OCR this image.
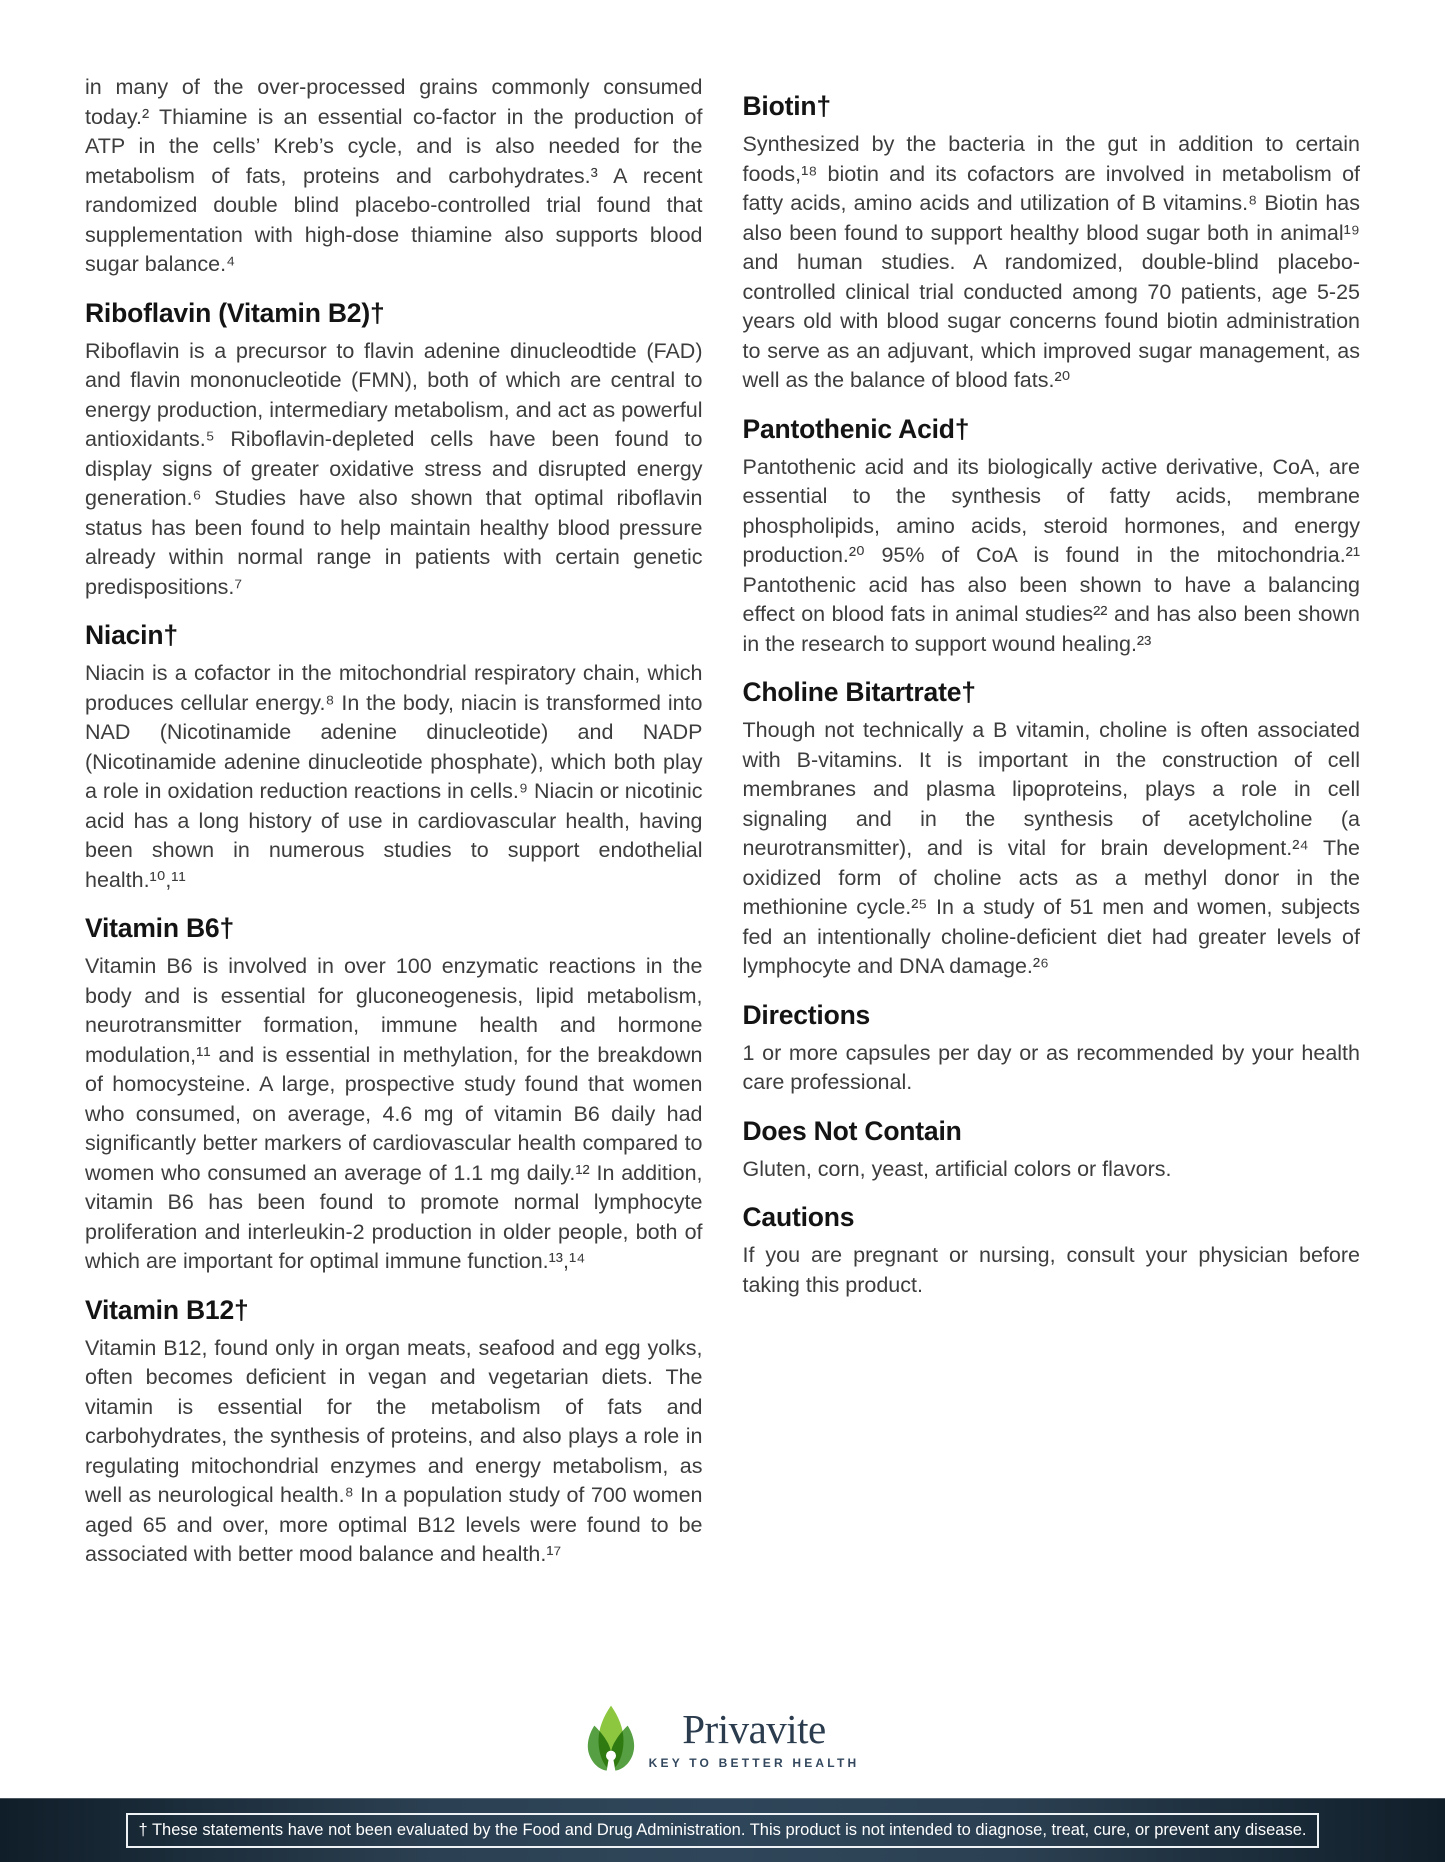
in many of the over-processed grains commonly consumed today.² Thiamine is an essential co-factor in the production of ATP in the cells’ Kreb’s cycle, and is also needed for the metabolism of fats, proteins and carbohydrates.³ A recent randomized double blind placebo-controlled trial found that supplementation with high-dose thiamine also supports blood sugar balance.⁴

Riboflavin (Vitamin B2)†

Riboflavin is a precursor to flavin adenine dinucleodtide (FAD) and flavin mononucleotide (FMN), both of which are central to energy production, intermediary metabolism, and act as powerful antioxidants.⁵ Riboflavin-depleted cells have been found to display signs of greater oxidative stress and disrupted energy generation.⁶ Studies have also shown that optimal riboflavin status has been found to help maintain healthy blood pressure already within normal range in patients with certain genetic predispositions.⁷

Niacin†

Niacin is a cofactor in the mitochondrial respiratory chain, which produces cellular energy.⁸ In the body, niacin is transformed into NAD (Nicotinamide adenine dinucleotide) and NADP (Nicotinamide adenine dinucleotide phosphate), which both play a role in oxidation reduction reactions in cells.⁹ Niacin or nicotinic acid has a long history of use in cardiovascular health, having been shown in numerous studies to support endothelial health.¹⁰,¹¹

Vitamin B6†

Vitamin B6 is involved in over 100 enzymatic reactions in the body and is essential for gluconeogenesis, lipid metabolism, neurotransmitter formation, immune health and hormone modulation,¹¹ and is essential in methylation, for the breakdown of homocysteine. A large, prospective study found that women who consumed, on average, 4.6 mg of vitamin B6 daily had significantly better markers of cardiovascular health compared to women who consumed an average of 1.1 mg daily.¹² In addition, vitamin B6 has been found to promote normal lymphocyte proliferation and interleukin-2 production in older people, both of which are important for optimal immune function.¹³,¹⁴

Vitamin B12†

Vitamin B12, found only in organ meats, seafood and egg yolks, often becomes deficient in vegan and vegetarian diets. The vitamin is essential for the metabolism of fats and carbohydrates, the synthesis of proteins, and also plays a role in regulating mitochondrial enzymes and energy metabolism, as well as neurological health.⁸ In a population study of 700 women aged 65 and over, more optimal B12 levels were found to be associated with better mood balance and health.¹⁷

Biotin†

Synthesized by the bacteria in the gut in addition to certain foods,¹⁸ biotin and its cofactors are involved in metabolism of fatty acids, amino acids and utilization of B vitamins.⁸ Biotin has also been found to support healthy blood sugar both in animal¹⁹ and human studies. A randomized, double-blind placebo-controlled clinical trial conducted among 70 patients, age 5-25 years old with blood sugar concerns found biotin administration to serve as an adjuvant, which improved sugar management, as well as the balance of blood fats.²⁰

Pantothenic Acid†

Pantothenic acid and its biologically active derivative, CoA, are essential to the synthesis of fatty acids, membrane phospholipids, amino acids, steroid hormones, and energy production.²⁰ 95% of CoA is found in the mitochondria.²¹ Pantothenic acid has also been shown to have a balancing effect on blood fats in animal studies²² and has also been shown in the research to support wound healing.²³

Choline Bitartrate†

Though not technically a B vitamin, choline is often associated with B-vitamins. It is important in the construction of cell membranes and plasma lipoproteins, plays a role in cell signaling and in the synthesis of acetylcholine (a neurotransmitter), and is vital for brain development.²⁴ The oxidized form of choline acts as a methyl donor in the methionine cycle.²⁵ In a study of 51 men and women, subjects fed an intentionally choline-deficient diet had greater levels of lymphocyte and DNA damage.²⁶

Directions

1 or more capsules per day or as recommended by your health care professional.

Does Not Contain

Gluten, corn, yeast, artificial colors or flavors.

Cautions

If you are pregnant or nursing, consult your physician before taking this product.

Privavite
KEY TO BETTER HEALTH
† These statements have not been evaluated by the Food and Drug Administration. This product is not intended to diagnose, treat, cure, or prevent any disease.
